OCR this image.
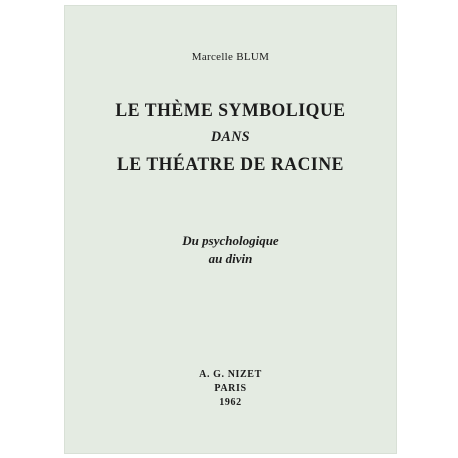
Marcelle BLUM
LE THÈME SYMBOLIQUE
DANS
LE THÉATRE DE RACINE
Du psychologique
au divin
A. G. NIZET
PARIS
1962
